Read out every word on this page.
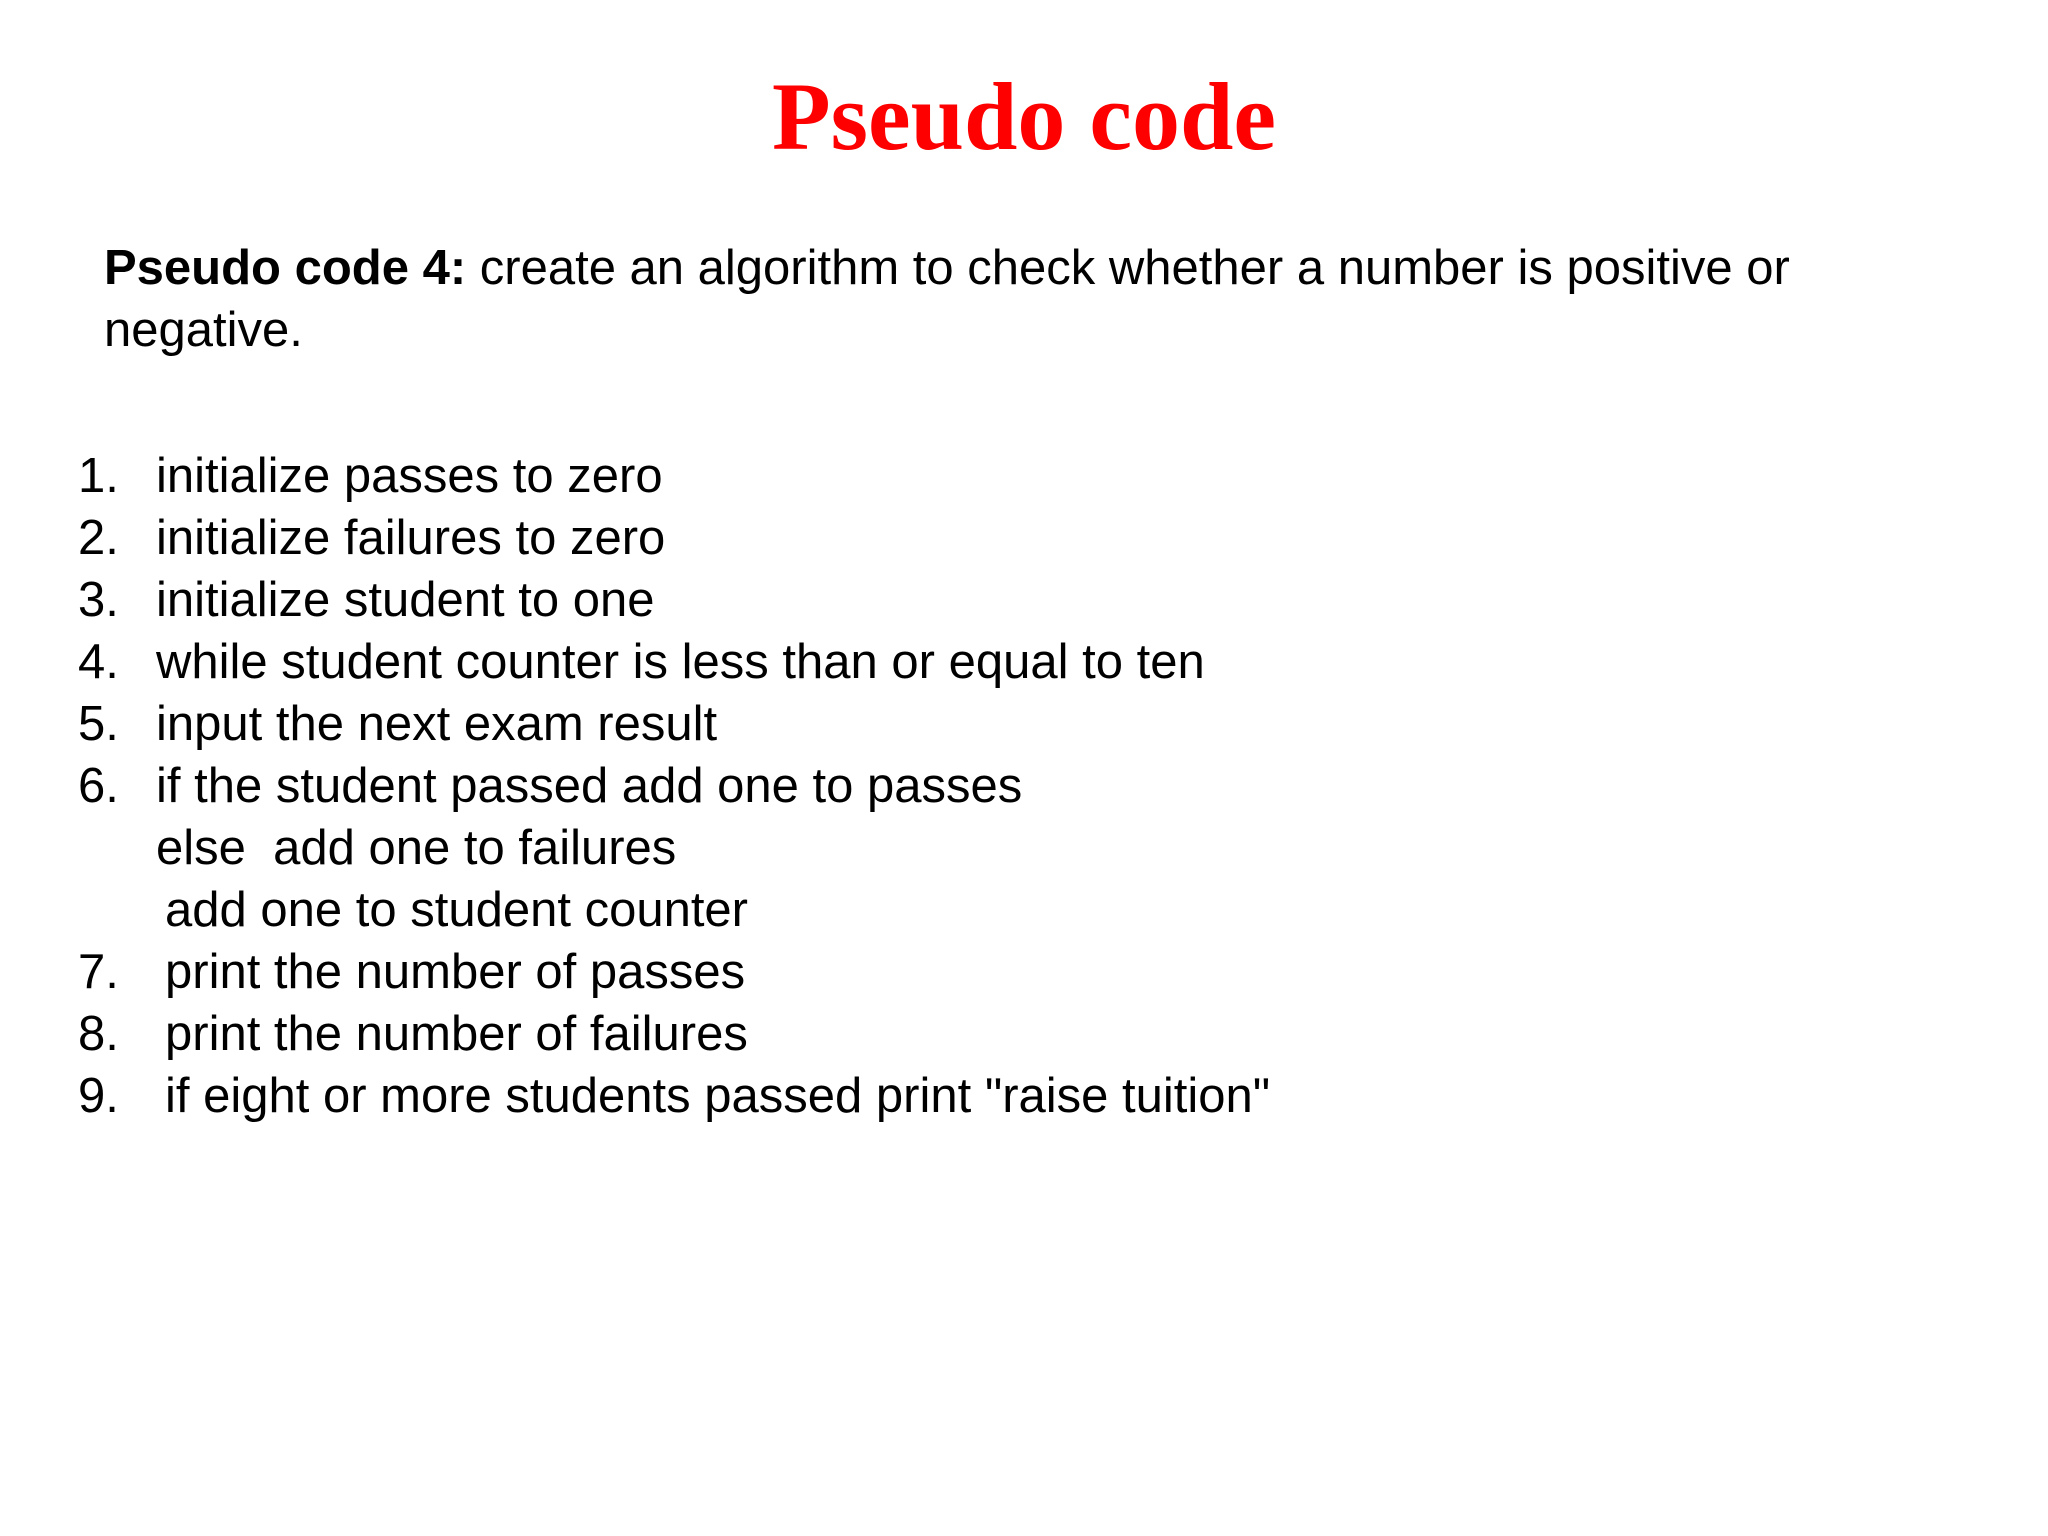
Pseudo code

Pseudo code 4: create an algorithm to check whether a number is positive or negative.

1. initialize passes to zero
2. initialize failures to zero
3. initialize student to one
4. while student counter is less than or equal to ten
5. input the next exam result
6. if the student passed add one to passes
else  add one to failures
add one to student counter
7. print the number of passes
8. print the number of failures
9. if eight or more students passed print "raise tuition"
